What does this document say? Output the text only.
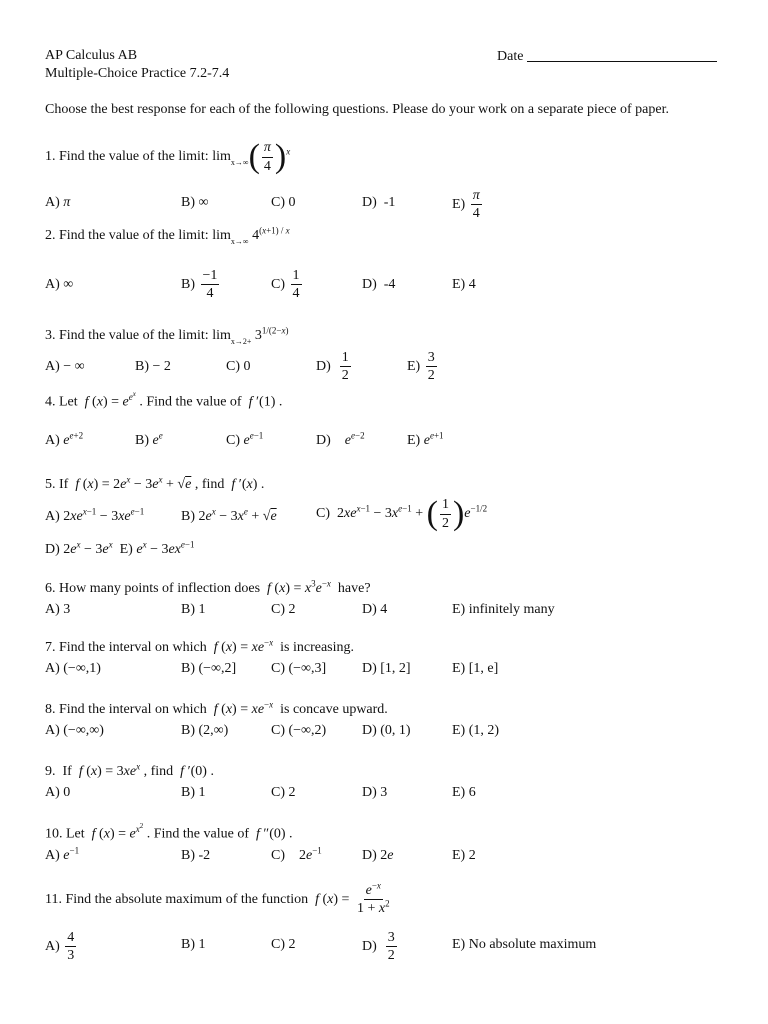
AP Calculus AB
Multiple-Choice Practice 7.2-7.4
Date
Choose the best response for each of the following questions. Please do your work on a separate piece of paper.
1. Find the value of the limit: $\lim_{x\to\infty}( \frac{\pi}{4} )^x$
A) π	B) ∞	C) 0	D)  -1	$E) \frac{\pi}{4}$
2. Find the value of the limit: $\lim_{x\to\infty} 4^{(x+1) / x}$
A) ∞	$B) \frac{-1}{4}$	$C) \frac{1}{4}$	D)  -4	E) 4
3. Find the value of the limit: $\lim_{x\to 2+} 3^{1/(2-x)}$
A) − ∞	B) − 2	C) 0	$D) \frac{1}{2}$	$E) \frac{3}{2}$
4. Let  f $(x) = e^{e^x}$ . Find the value of  f ′(1) .
A) $e^{e+2}$	B) $e^e$	C) $e^{e-1}$	D)    $e^{e-2}$	E) $e^{e+1}$
5. If  f $(x) = 2e^x - 3e^x + √e$ , find  f ′(x) .
A) $2xe^{x-1} - 3xe^{e-1}$	B) $2e^x - 3x^e + √e$	C)  $2xe^{x-1} - 3x^{e-1}$ + ( $\frac{1}{2} )e^{-1/2}$
D) $2e^x - 3e^x$  E) $e^x - 3ex^{e-1}$
6. How many points of inflection does  f $(x) = x^3e^{-x}$  have?
A) 3	B) 1	C) 2	D) 4	E) infinitely many
7. Find the interval on which  f $(x) = xe^{-x}$  is increasing.
A) (−∞,1)	B) (−∞,2] C) (−∞,3]	D) [1, 2]	E) [1, e]
8. Find the interval on which  f $(x) = xe^{-x}$  is concave upward.
A) (−∞,∞)	B) (2,∞)	C) (−∞,2)	D) (0, 1)	E) (1, 2)
9.  If  f $(x) = 3xe^x$ , find  f ′(0) .
A) 0	B) 1	C) 2	D) 3	E) 6
10. Let  f $(x) = e^{x^2}$ . Find the value of  f ″(0) .
A) $e^{-1}$	B) -2	C)    $2e^{-1}$	D) 2e	E) 2
11. Find the absolute maximum of the function  f $(x) = \frac{e^{-x}}{1 + x^2}$
$A) \frac{4}{3}$	B) 1	C) 2	$D) \frac{3}{2}$	E) No absolute maximum
